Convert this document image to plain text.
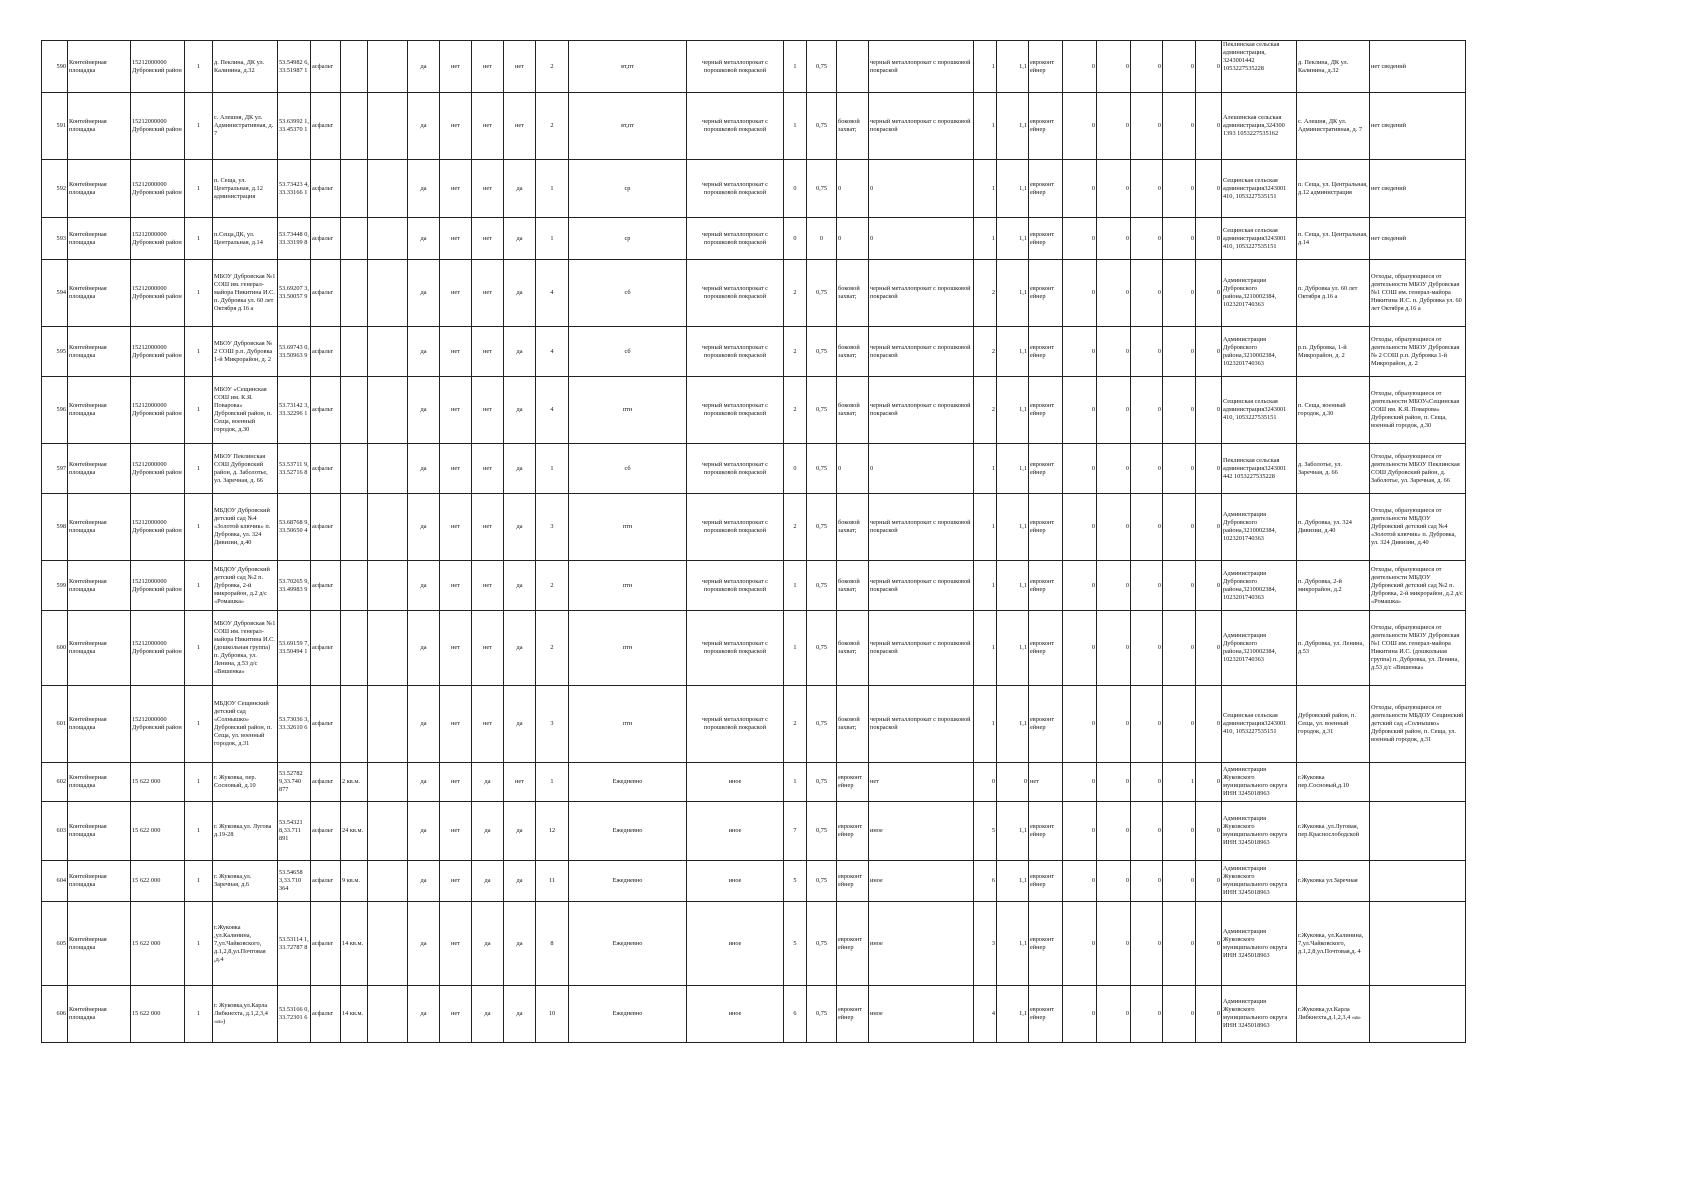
590	Контейнерная площадка	15212000000 Дубровский район	1	д. Пеклина, ДК ул. Калинина, д.32	53.54982 6, 33.51987 1	асфальт			да	нет	нет	нет	2	вт,пт	черный металлопрокат с порошковой покраской	1	0,75		черный металлопрокат с порошковой покраской	1	1,1	евроконт ейнер	0	0	0	0	0	Пеклинская сельская администрация, 3243001442 1053227535228	д. Пеклина, ДК ул. Калинина, д.32	нет сведений
591	Контейнерная площадка	15212000000 Дубровский район	1	с. Алешня, ДК ул. Административная, д. 7	53.63992 1, 33.45370 1	асфальт			да	нет	нет	нет	2	вт,пт	черный металлопрокат с порошковой покраской	1	0,75	боковой захват;	черный металлопрокат с порошковой покраской	1	1,1	евроконт ейнер	0	0	0	0	0	Алешинская сельская администрация,324300 1393 1053227535162	с. Алешня, ДК ул. Административная, д. 7	нет сведений
592	Контейнерная площадка	15212000000 Дубровский район	1	п. Сеща, ул. Центральная, д.12 администрация	53.73423 4, 33.33166 1	асфальт			да	нет	нет	да	1	ср	черный металлопрокат с порошковой покраской	0	0,75	0	0	1	1,1	евроконт ейнер	0	0	0	0	0	Сещинская сельская администрация3243001 410, 1053227535151	п. Сеща, ул. Центральная, д.12 администрация	нет сведений
593	Контейнерная площадка	15212000000 Дубровский район	1	п.Сеща,ДК, ул. Центральная, д.14	53.73448 0, 33.33199 8	асфальт			да	нет	нет	да	1	ср	черный металлопрокат с порошковой покраской	0	0	0	0	1	1,1	евроконт ейнер	0	0	0	0	0	Сещинская сельская администрация3243001 410, 1053227535151	п. Сеща, ул. Центральная, д.14	нет сведений
594	Контейнерная площадка	15212000000 Дубровский район	1	МБОУ Дубровская №1 СОШ им. генерал-майора Никитина И.С. п. Дубровка ул. 60 лет Октября д.16 а	53.69207 3, 33.50057 9	асфальт			да	нет	нет	да	4	сб	черный металлопрокат с порошковой покраской	2	0,75	боковой захват;	черный металлопрокат с порошковой покраской	2	1,1	евроконт ейнер	0	0	0	0	0	Администрация Дубровского района,3210002384, 1023201740363	п. Дубровка ул. 60 лет Октября д.16 а	Отходы, образующиеся от деятельности МБОУ Дубровская №1 СОШ им. генерал-майора Никитина И.С. п. Дубровка ул. 60 лет Октября д.16 а
595	Контейнерная площадка	15212000000 Дубровский район	1	МБОУ Дубровская № 2 СОШ р.п. Дубровка 1-й Микрорайон, д. 2	53.69743 0, 33.50963 9	асфальт			да	нет	нет	да	4	сб	черный металлопрокат с порошковой покраской	2	0,75	боковой захват;	черный металлопрокат с порошковой покраской	2	1,1	евроконт ейнер	0	0	0	0	0	Администрация Дубровского района,3210002384, 1023201740363	р.п. Дубровка, 1-й Микрорайон, д. 2	Отходы, образующиеся от деятельности МБОУ Дубровская № 2 СОШ р.п. Дубровка 1-й Микрорайон, д. 2
596	Контейнерная площадка	15212000000 Дубровский район	1	МБОУ «Сещинская СОШ им. К.Я. Поварова» Дубровский район, п. Сеща, военный городок, д.30	53.73142 3, 33.32296 1	асфальт			да	нет	нет	да	4	птн	черный металлопрокат с порошковой покраской	2	0,75	боковой захват;	черный металлопрокат с порошковой покраской	2	1,1	евроконт ейнер	0	0	0	0	0	Сещинская сельская администрация3243001 410, 1053227535151	п. Сеща, военный городок, д.30	Отходы, образующиеся от деятельности МБОУ«Сещинская СОШ им. К.Я. Поварова» Дубровский район, п. Сеща, военный городок, д.30
597	Контейнерная площадка	15212000000 Дубровский район	1	МБОУ Пеклинская СОШ Дубровский район, д. Заболотье, ул. Заречная, д. 66	53.53711 9, 33.52716 8	асфальт			да	нет	нет	да	1	сб	черный металлопрокат с порошковой покраской	0	0,75	0	0	1	1,1	евроконт ейнер	0	0	0	0	0	Пеклинская сельская администрация3243001 442 1053227535228	д. Заболотье, ул. Заречная, д. 66	Отходы, образующиеся от деятельности МБОУ Пеклинская СОШ Дубровский район, д. Заболотье, ул. Заречная, д. 66
598	Контейнерная площадка	15212000000 Дубровский район	1	МБДОУ Дубровский детский сад №4 «Золотой ключик» п. Дубровка, ул. 324 Дивизии, д.40	53.68768 9, 33.50650 4	асфальт			да	нет	нет	да	3	птн	черный металлопрокат с порошковой покраской	2	0,75	боковой захват;	черный металлопрокат с порошковой покраской	1	1,1	евроконт ейнер	0	0	0	0	0	Администрация Дубровского района,3210002384, 1023201740363	п. Дубровка, ул. 324 Дивизии, д.40	Отходы, образующиеся от деятельности МБДОУ Дубровский детский сад №4 «Золотой ключик» п. Дубровка, ул. 324 Дивизии, д.40
599	Контейнерная площадка	15212000000 Дубровский район	1	МБДОУ Дубровский детский сад №2 п. Дубровка, 2-й микрорайон, д.2 д/с «Ромашка»	53.70265 9, 33.49983 9	асфальт			да	нет	нет	да	2	птн	черный металлопрокат с порошковой покраской	1	0,75	боковой захват;	черный металлопрокат с порошковой покраской	1	1,1	евроконт ейнер	0	0	0	0	0	Администрация Дубровского района,3210002384, 1023201740363	п. Дубровка, 2-й микрорайон, д.2	Отходы, образующиеся от деятельности МБДОУ Дубровский детский сад №2 п. Дубровка, 2-й микрорайон, д.2 д/с «Ромашка»
600	Контейнерная площадка	15212000000 Дубровский район	1	МБОУ Дубровская №1 СОШ им. генерал-майора Никитина И.С. (дошкольная группа) п. Дубровка, ул. Ленина, д.53 д/с «Вишенка»	53.69159 7, 33.50494 1	асфальт			да	нет	нет	да	2	птн	черный металлопрокат с порошковой покраской	1	0,75	боковой захват;	черный металлопрокат с порошковой покраской	1	1,1	евроконт ейнер	0	0	0	0	0	Администрация Дубровского района,3210002384, 1023201740363	п. Дубровка, ул. Ленина, д.53	Отходы, образующиеся от деятельности МБОУ Дубровская №1 СОШ им. генерал-майора Никитина И.С. (дошкольная группа) п. Дубровка, ул. Ленина, д.53 д/с «Вишенка»
601	Контейнерная площадка	15212000000 Дубровский район	1	МБДОУ Сещинский детский сад «Солнышко» Дубровский район, п. Сеща, ул. военный городок, д.31	53.73036 3, 33.32610 6	асфальт			да	нет	нет	да	3	птн	черный металлопрокат с порошковой покраской	2	0,75	боковой захват;	черный металлопрокат с порошковой покраской	1	1,1	евроконт ейнер	0	0	0	0	0	Сещинская сельская администрация3243001 410, 1053227535151	Дубровский район, п. Сеща, ул. военный городок, д.31	Отходы, образующиеся от деятельности МБДОУ Сещинский детский сад «Солнышко» Дубровский район, п. Сеща, ул. военный городок, д.31
602	Контейнерная площадка	15 622 000	1	г. Жуковка, пер. Сосновый, д.10	53.52782 9,33.740 877	асфальт	2 кв.м.		да	нет	да	нет	1	Ежедневно	иное	1	0,75	евроконт ейнер	нет	0	0	нет	0	0	0	1	0	Администрация Жуковского муниципального округа ИНН 3245018963	г.Жуковка пер.Сосновый,д.10	
603	Контейнерная площадка	15 622 000	1	г. Жуковка,ул. Лугова д.19-28	53.54321 8,33.711 891	асфальт	24 кв.м.		да	нет	да	да	12	Ежедневно	иное	7	0,75	евроконт ейнер	иное	5	1,1	евроконт ейнер	0	0	0	0	0	Администрация Жуковского муниципального округа ИНН 3245018963	г.Жуковка ,ул.Луговая, пер.Краснослободской	
604	Контейнерная площадка	15 622 000	1	г. Жуковка,ул. Заречная, д.6	53.54658 3,33.710 364	асфальт	9 кв.м.		да	нет	да	да	11	Ежедневно	иное	5	0,75	евроконт ейнер	иное	6	1,1	евроконт ейнер	0	0	0	0	0	Администрация Жуковского муниципального округа ИНН 3245018963	г.Жуковка ул.Заречная	
605	Контейнерная площадка	15 622 000	1	г.Жуковка ,ул.Калинина, 7,ул.Чайковского, д.1,2,8,ул.Почтовая ,д.4	53.53114 1, 33.72787 8	асфальт	14 кв.м.		да	нет	да	да	8	Ежедневно	иное	5	0,75	евроконт ейнер	иное	3	1,1	евроконт ейнер	0	0	0	0	0	Администрация Жуковского муниципального округа ИНН 3245018963	г.Жуковка, ул.Калинина, 7,ул.Чайковского, д.1,2,8,ул.Почтовая,д. 4	
606	Контейнерная площадка	15 622 000	1	г. Жуковка,ул.Карла Либкнехта, д.1,2,3,4 «а»)	53.53166 0, 33.72301 6	асфальт	14 кв.м.		да	нет	да	да	10	Ежедневно	иное	6	0,75	евроконт ейнер	иное	4	1,1	евроконт ейнер	0	0	0	0	0	Администрация Жуковского муниципального округа ИНН 3245018963	г.Жуковка,ул.Карла Либкнехта,д.1,2,3,4 «а»	
